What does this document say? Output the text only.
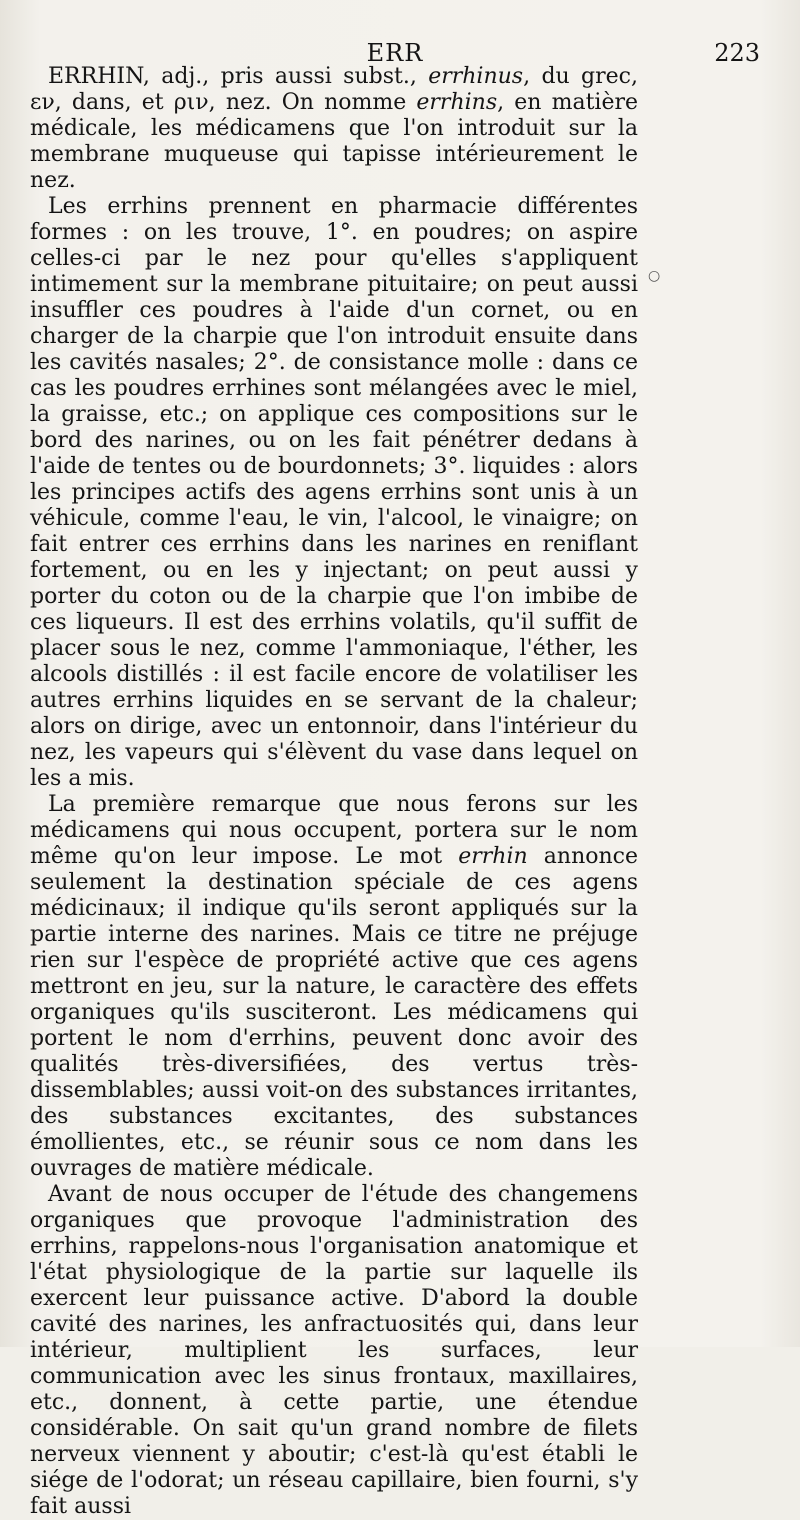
ERR	223

ERRHIN, adj., pris aussi subst., errhinus, du grec, εν, dans, et ριν, nez. On nomme errhins, en matière médicale, les médicamens que l'on introduit sur la membrane muqueuse qui tapisse intérieurement le nez.

Les errhins prennent en pharmacie différentes formes : on les trouve, 1°. en poudres; on aspire celles-ci par le nez pour qu'elles s'appliquent intimement sur la membrane pituitaire; on peut aussi insuffler ces poudres à l'aide d'un cornet, ou en charger de la charpie que l'on introduit ensuite dans les cavités nasales; 2°. de consistance molle : dans ce cas les poudres errhines sont mélangées avec le miel, la graisse, etc.; on applique ces compositions sur le bord des narines, ou on les fait pénétrer dedans à l'aide de tentes ou de bourdonnets; 3°. liquides : alors les principes actifs des agens errhins sont unis à un véhicule, comme l'eau, le vin, l'alcool, le vinaigre; on fait entrer ces errhins dans les narines en reniflant fortement, ou en les y injectant; on peut aussi y porter du coton ou de la charpie que l'on imbibe de ces liqueurs. Il est des errhins volatils, qu'il suffit de placer sous le nez, comme l'ammoniaque, l'éther, les alcools distillés : il est facile encore de volatiliser les autres errhins liquides en se servant de la chaleur; alors on dirige, avec un entonnoir, dans l'intérieur du nez, les vapeurs qui s'élèvent du vase dans lequel on les a mis.

La première remarque que nous ferons sur les médicamens qui nous occupent, portera sur le nom même qu'on leur impose. Le mot errhin annonce seulement la destination spéciale de ces agens médicinaux; il indique qu'ils seront appliqués sur la partie interne des narines. Mais ce titre ne préjuge rien sur l'espèce de propriété active que ces agens mettront en jeu, sur la nature, le caractère des effets organiques qu'ils susciteront. Les médicamens qui portent le nom d'errhins, peuvent donc avoir des qualités très-diversifiées, des vertus très-dissemblables; aussi voit-on des substances irritantes, des substances excitantes, des substances émollientes, etc., se réunir sous ce nom dans les ouvrages de matière médicale.

Avant de nous occuper de l'étude des changemens organiques que provoque l'administration des errhins, rappelons-nous l'organisation anatomique et l'état physiologique de la partie sur laquelle ils exercent leur puissance active. D'abord la double cavité des narines, les anfractuosités qui, dans leur intérieur, multiplient les surfaces, leur communication avec les sinus frontaux, maxillaires, etc., donnent, à cette partie, une étendue considérable. On sait qu'un grand nombre de filets nerveux viennent y aboutir; c'est-là qu'est établi le siége de l'odorat; un réseau capillaire, bien fourni, s'y fait aussi

○
